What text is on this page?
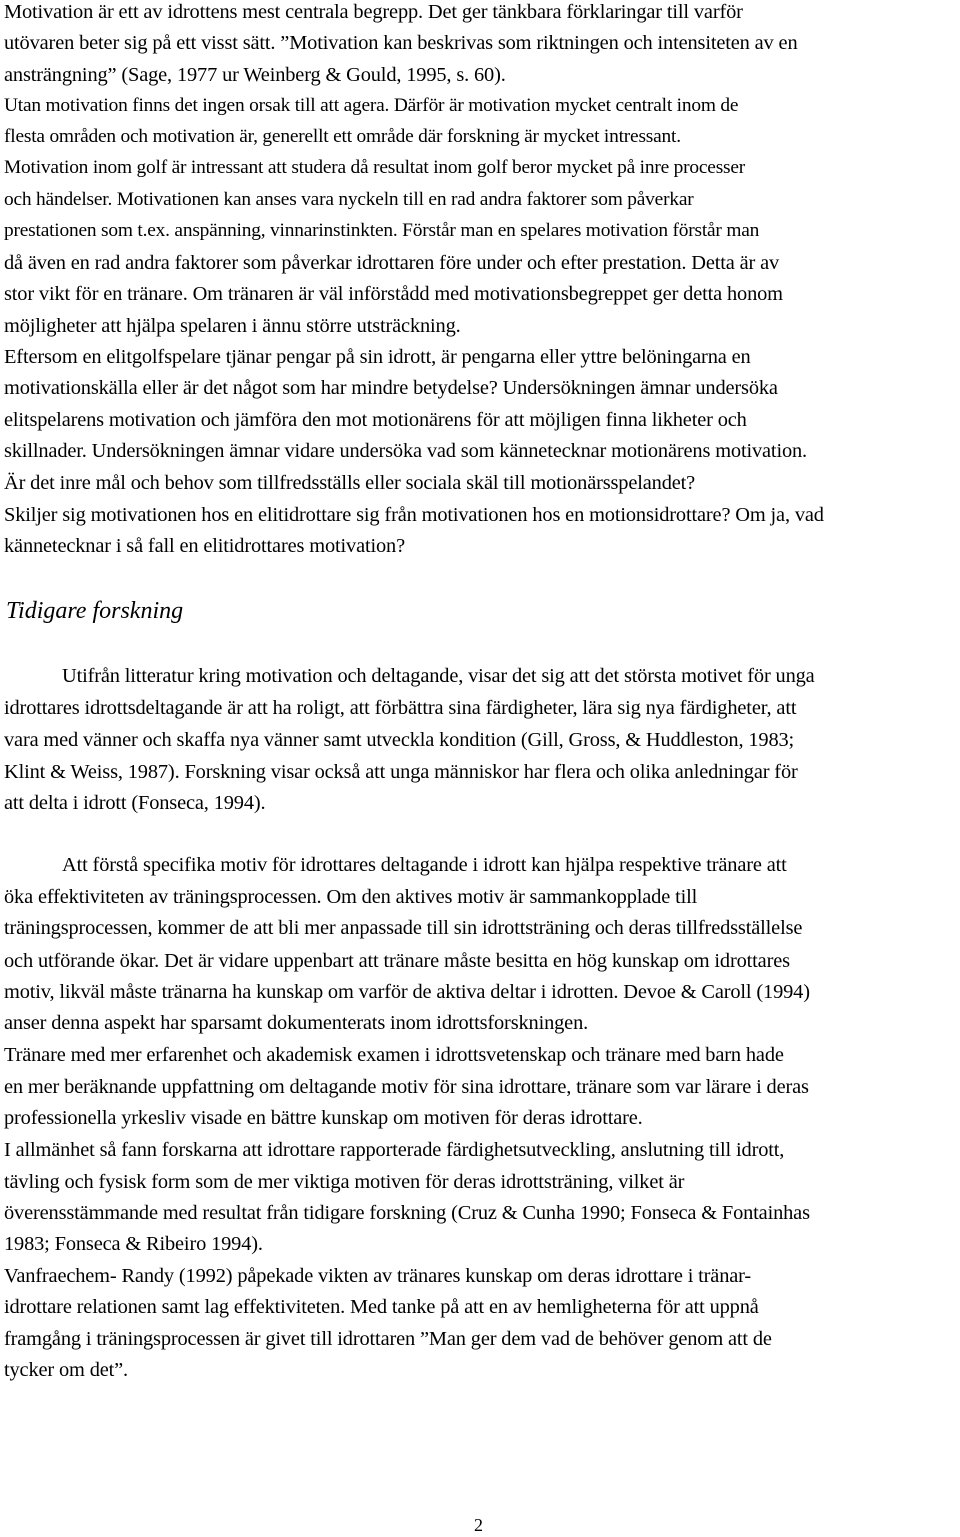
Motivation är ett av idrottens mest centrala begrepp. Det ger tänkbara förklaringar till varför
utövaren beter sig på ett visst sätt. ”Motivation kan beskrivas som riktningen och intensiteten av en
ansträngning” (Sage, 1977 ur Weinberg & Gould, 1995, s. 60).
Utan motivation finns det ingen orsak till att agera. Därför är motivation mycket centralt inom de
flesta områden och motivation är, generellt ett område där forskning är mycket intressant.
Motivation inom golf är intressant att studera då resultat inom golf beror mycket på inre processer
och händelser. Motivationen kan anses vara nyckeln till en rad andra faktorer som påverkar
prestationen som t.ex. anspänning, vinnarinstinkten. Förstår man en spelares motivation förstår man
då även en rad andra faktorer som påverkar idrottaren före under och efter prestation. Detta är av
stor vikt för en tränare. Om tränaren är väl införstådd med motivationsbegreppet ger detta honom
möjligheter att hjälpa spelaren i ännu större utsträckning.
Eftersom en elitgolfspelare tjänar pengar på sin idrott, är pengarna eller yttre belöningarna en
motivationskälla eller är det något som har mindre betydelse? Undersökningen ämnar undersöka
elitspelarens motivation och jämföra den mot motionärens för att möjligen finna likheter och
skillnader. Undersökningen ämnar vidare undersöka vad som kännetecknar motionärens motivation.
Är det inre mål och behov som tillfredsställs eller sociala skäl till motionärsspelandet?
Skiljer sig motivationen hos en elitidrottare sig från motivationen hos en motionsidrottare? Om ja, vad
kännetecknar i så fall en elitidrottares motivation?
Tidigare forskning
Utifrån litteratur kring motivation och deltagande, visar det sig att det största motivet för unga
idrottares idrottsdeltagande är att ha roligt, att förbättra sina färdigheter, lära sig nya färdigheter, att
vara med vänner och skaffa nya vänner samt utveckla kondition (Gill, Gross, & Huddleston, 1983;
Klint & Weiss, 1987). Forskning visar också att unga människor har flera och olika anledningar för
att delta i idrott (Fonseca, 1994).
Att förstå specifika motiv för idrottares deltagande i idrott kan hjälpa respektive tränare att
öka effektiviteten av träningsprocessen. Om den aktives motiv är sammankopplade till
träningsprocessen, kommer de att bli mer anpassade till sin idrottsträning och deras tillfredsställelse
och utförande ökar. Det är vidare uppenbart att tränare måste besitta en hög kunskap om idrottares
motiv, likväl måste tränarna ha kunskap om varför de aktiva deltar i idrotten. Devoe & Caroll (1994)
anser denna aspekt har sparsamt dokumenterats inom idrottsforskningen.
Tränare med mer erfarenhet och akademisk examen i idrottsvetenskap och tränare med barn hade
en mer beräknande uppfattning om deltagande motiv för sina idrottare, tränare som var lärare i deras
professionella yrkesliv visade en bättre kunskap om motiven för deras idrottare.
I allmänhet så fann forskarna att idrottare rapporterade färdighetsutveckling, anslutning till idrott,
tävling och fysisk form som de mer viktiga motiven för deras idrottsträning, vilket är
överensstämmande med resultat från tidigare forskning (Cruz & Cunha 1990; Fonseca & Fontainhas
1983; Fonseca & Ribeiro 1994).
Vanfraechem- Randy (1992) påpekade vikten av tränares kunskap om deras idrottare i tränar-
idrottare relationen samt lag effektiviteten. Med tanke på att en av hemligheterna för att uppnå
framgång i träningsprocessen är givet till idrottaren ”Man ger dem vad de behöver genom att de
tycker om det”.
2
